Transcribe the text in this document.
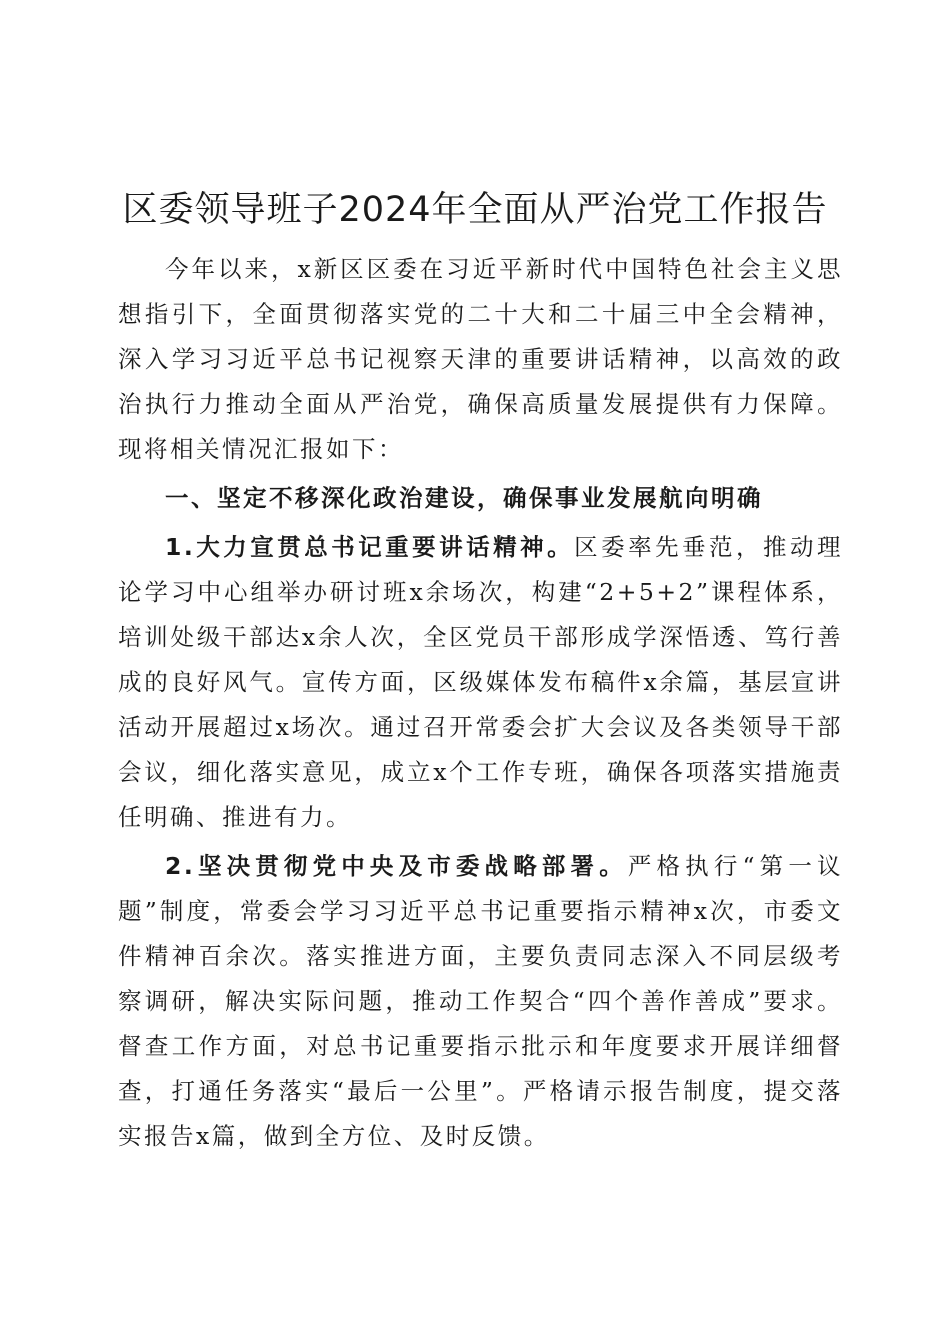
区委领导班子2024年全面从严治党工作报告

今年以来，x新区区委在习近平新时代中国特色社会主义思想指引下，全面贯彻落实党的二十大和二十届三中全会精神，深入学习习近平总书记视察天津的重要讲话精神，以高效的政治执行力推动全面从严治党，确保高质量发展提供有力保障。现将相关情况汇报如下：

一、坚定不移深化政治建设，确保事业发展航向明确

1.大力宣贯总书记重要讲话精神。区委率先垂范，推动理论学习中心组举办研讨班x余场次，构建“2+5+2”课程体系，培训处级干部达x余人次，全区党员干部形成学深悟透、笃行善成的良好风气。宣传方面，区级媒体发布稿件x余篇，基层宣讲活动开展超过x场次。通过召开常委会扩大会议及各类领导干部会议，细化落实意见，成立x个工作专班，确保各项落实措施责任明确、推进有力。

2.坚决贯彻党中央及市委战略部署。严格执行“第一议题”制度，常委会学习习近平总书记重要指示精神x次，市委文件精神百余次。落实推进方面，主要负责同志深入不同层级考察调研，解决实际问题，推动工作契合“四个善作善成”要求。督查工作方面，对总书记重要指示批示和年度要求开展详细督查，打通任务落实“最后一公里”。严格请示报告制度，提交落实报告x篇，做到全方位、及时反馈。
